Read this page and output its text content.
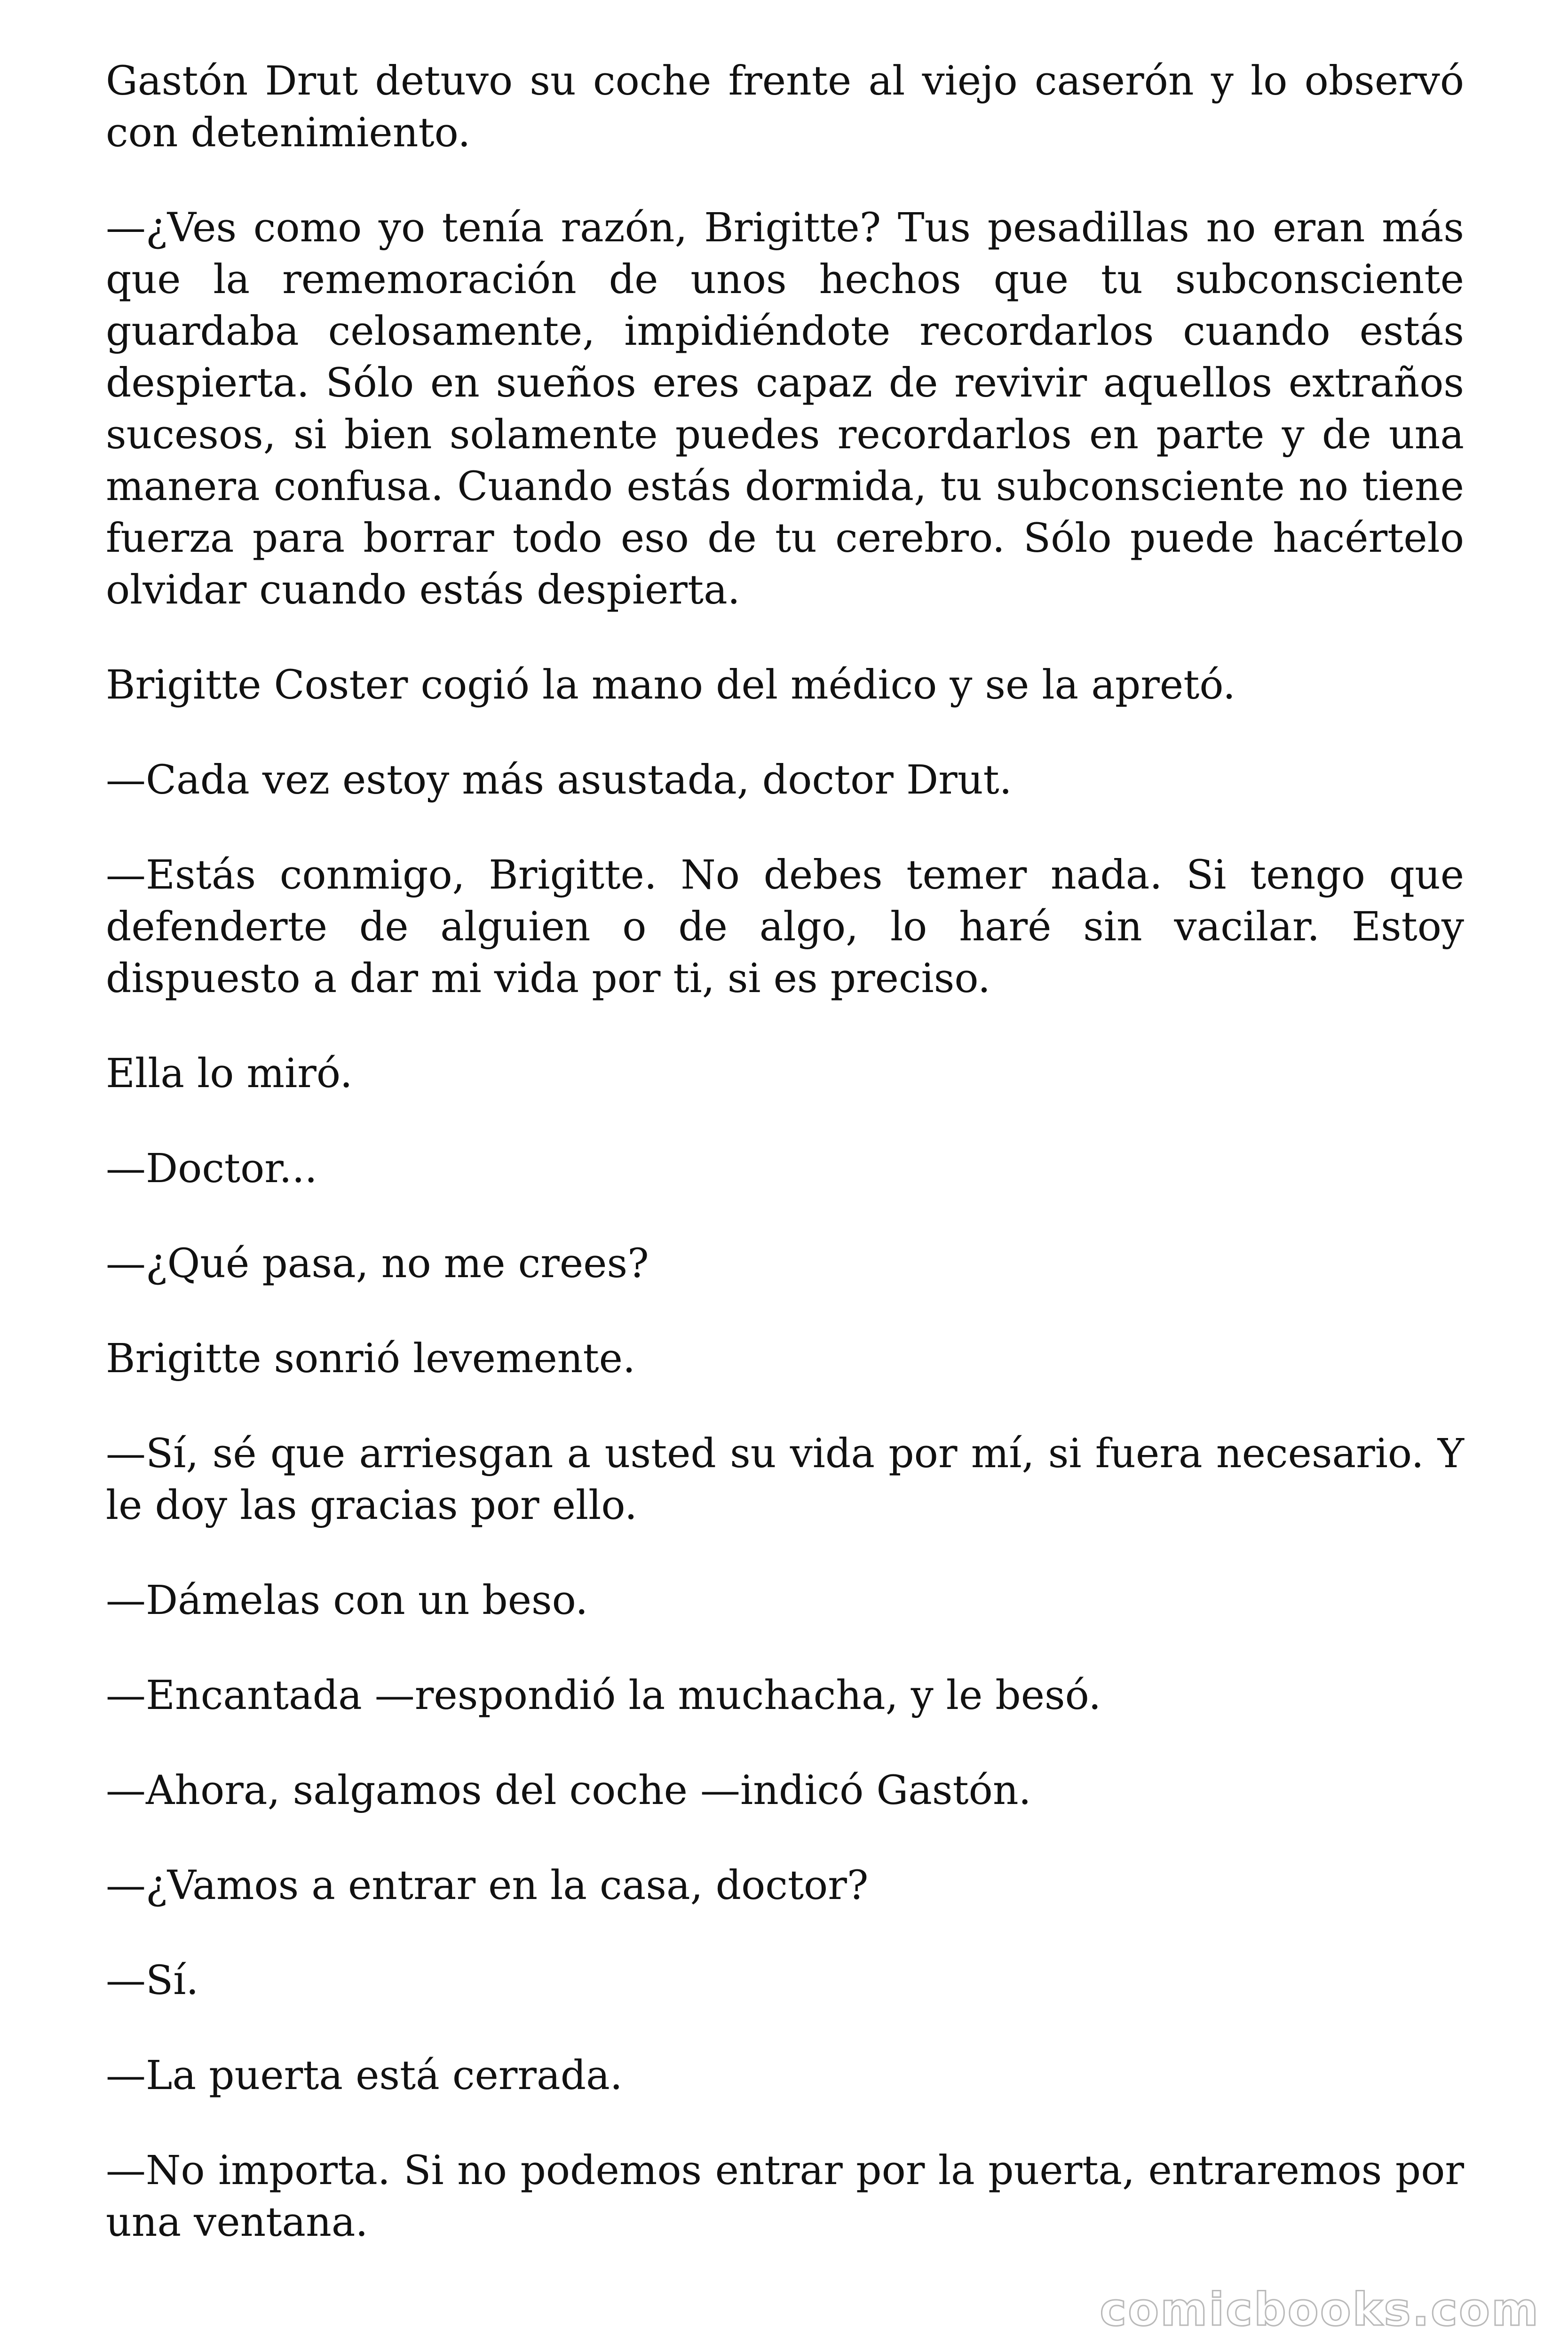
Gastón Drut detuvo su coche frente al viejo caserón y lo observó con detenimiento.

—¿Ves como yo tenía razón, Brigitte? Tus pesadillas no eran más que la rememoración de unos hechos que tu subconsciente guardaba celosamente, impidiéndote recordarlos cuando estás despierta. Sólo en sueños eres capaz de revivir aquellos extraños sucesos, si bien solamente puedes recordarlos en parte y de una manera confusa. Cuando estás dormida, tu subconsciente no tiene fuerza para borrar todo eso de tu cerebro. Sólo puede hacértelo olvidar cuando estás despierta.

Brigitte Coster cogió la mano del médico y se la apretó.

—Cada vez estoy más asustada, doctor Drut.

—Estás conmigo, Brigitte. No debes temer nada. Si tengo que defenderte de alguien o de algo, lo haré sin vacilar. Estoy dispuesto a dar mi vida por ti, si es preciso.

Ella lo miró.

—Doctor...

—¿Qué pasa, no me crees?

Brigitte sonrió levemente.

—Sí, sé que arriesgan a usted su vida por mí, si fuera necesario. Y le doy las gracias por ello.

—Dámelas con un beso.

—Encantada —respondió la muchacha, y le besó.

—Ahora, salgamos del coche —indicó Gastón.

—¿Vamos a entrar en la casa, doctor?

—Sí.

—La puerta está cerrada.

—No importa. Si no podemos entrar por la puerta, entraremos por una ventana.

comicbooks.com
